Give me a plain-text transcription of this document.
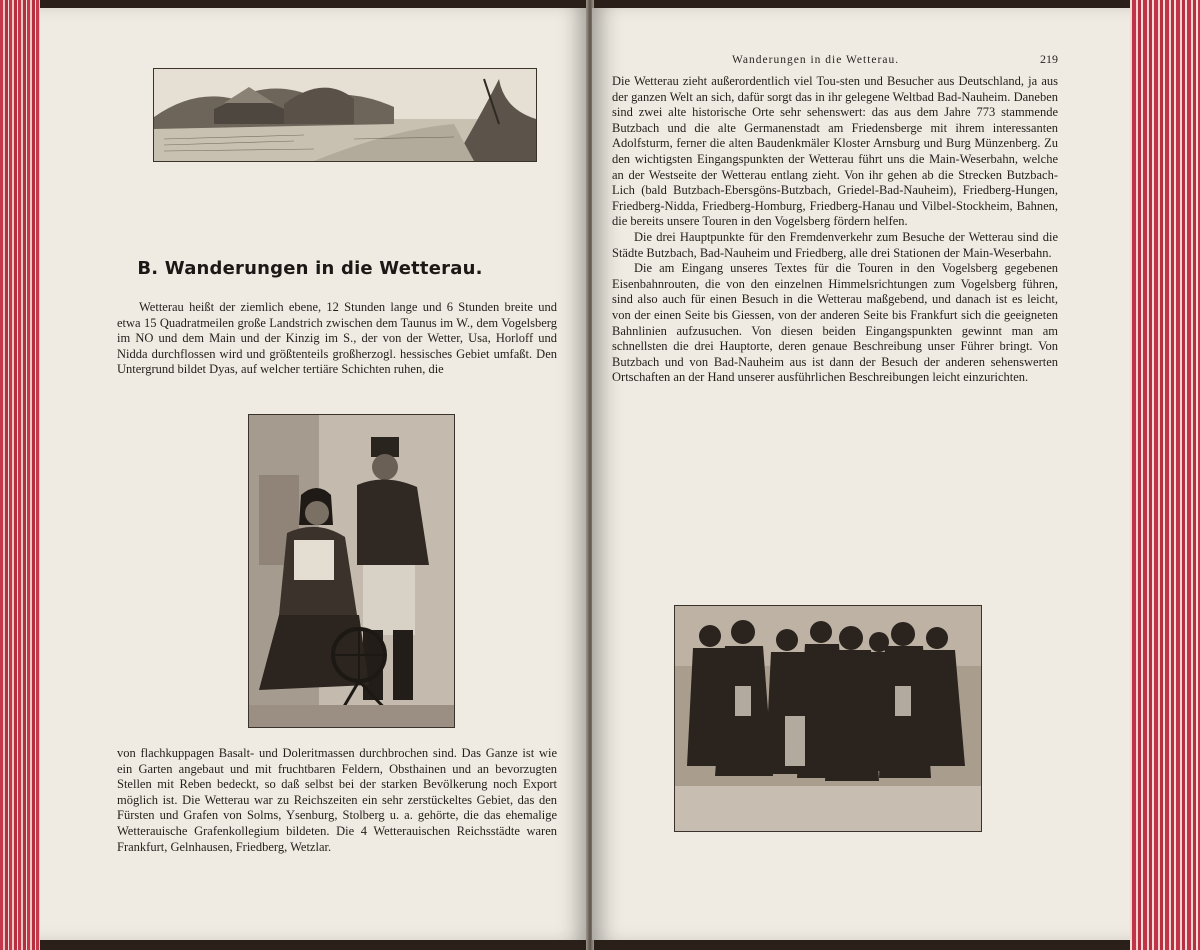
B. Wanderungen in die Wetterau.

Wetterau heißt der ziemlich ebene, 12 Stunden lange und 6 Stunden breite und etwa 15 Quadratmeilen große Landstrich zwischen dem Taunus im W., dem Vogelsberg im NO und dem Main und der Kinzig im S., der von der Wetter, Usa, Horloff und Nidda durchflossen wird und größtenteils großherzogl. hessisches Gebiet umfaßt. Den Untergrund bildet Dyas, auf welcher tertiäre Schichten ruhen, die

von flachkuppagen Basalt- und Doleritmassen durchbrochen sind. Das Ganze ist wie ein Garten angebaut und mit fruchtbaren Feldern, Obsthainen und an bevorzugten Stellen mit Reben bedeckt, so daß selbst bei der starken Bevölkerung noch Export möglich ist. Die Wetterau war zu Reichszeiten ein sehr zerstückeltes Gebiet, das den Fürsten und Grafen von Solms, Ysenburg, Stolberg u. a. gehörte, die das ehemalige Wetterauische Grafenkollegium bildeten. Die 4 Wetterauischen Reichsstädte waren Frankfurt, Gelnhausen, Friedberg, Wetzlar.

Wanderungen in die Wetterau.	219

Die Wetterau zieht außerordentlich viel Tou-sten und Besucher aus Deutschland, ja aus der ganzen Welt an sich, dafür sorgt das in ihr gelegene Weltbad Bad-Nauheim. Daneben sind zwei alte historische Orte sehr sehenswert: das aus dem Jahre 773 stammende Butzbach und die alte Germanenstadt am Friedensberge mit ihrem interessanten Adolfsturm, ferner die alten Baudenkmäler Kloster Arnsburg und Burg Münzenberg. Zu den wichtigsten Eingangspunkten der Wetterau führt uns die Main-Weserbahn, welche an der Westseite der Wetterau entlang zieht. Von ihr gehen ab die Strecken Butzbach-Lich (bald Butzbach-Ebersgöns-Butzbach, Griedel-Bad-Nauheim), Friedberg-Hungen, Friedberg-Nidda, Friedberg-Homburg, Friedberg-Hanau und Vilbel-Stockheim, Bahnen, die bereits unsere Touren in den Vogelsberg fördern helfen.

Die drei Hauptpunkte für den Fremdenverkehr zum Besuche der Wetterau sind die Städte Butzbach, Bad-Nauheim und Friedberg, alle drei Stationen der Main-Weserbahn.

Die am Eingang unseres Textes für die Touren in den Vogelsberg gegebenen Eisenbahnrouten, die von den einzelnen Himmelsrichtungen zum Vogelsberg führen, sind also auch für einen Besuch in die Wetterau maßgebend, und danach ist es leicht, von der einen Seite bis Giessen, von der anderen Seite bis Frankfurt sich die geeigneten Bahnlinien aufzusuchen. Von diesen beiden Eingangspunkten gewinnt man am schnellsten die drei Hauptorte, deren genaue Beschreibung unser Führer bringt. Von Butzbach und von Bad-Nauheim aus ist dann der Besuch der anderen sehenswerten Ortschaften an der Hand unserer ausführlichen Beschreibungen leicht einzurichten.
